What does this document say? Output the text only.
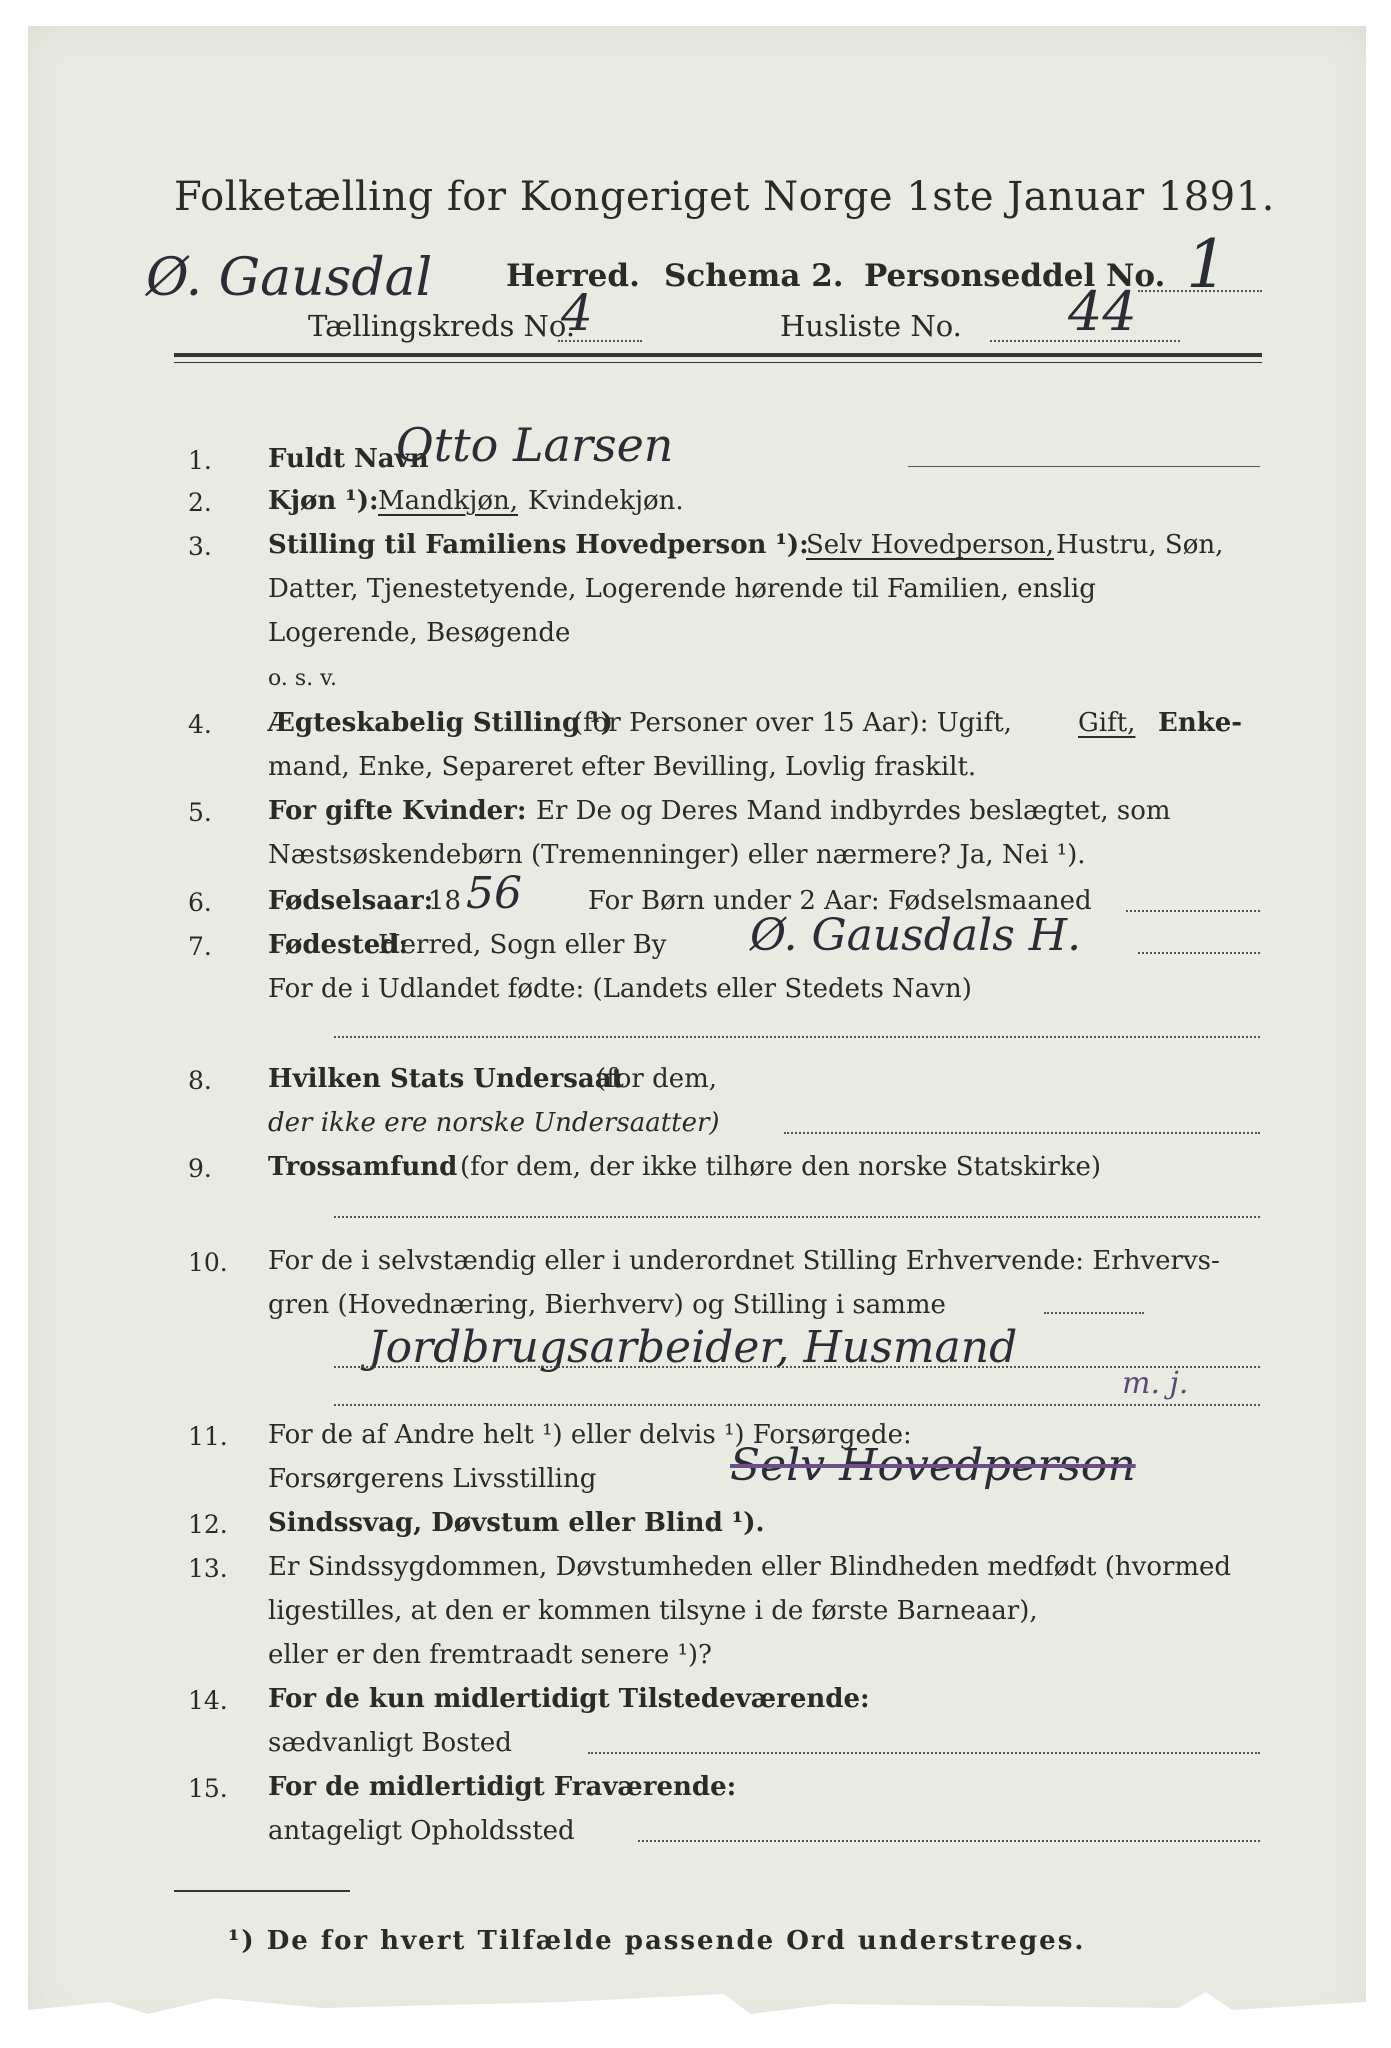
Folketælling for Kongeriget Norge 1ste Januar 1891.
Ø. Gausdal Herred. Schema 2. Personseddel No. 1
Tællingskreds No.
4	Husliste No. 44
1. Fuldt Navn
Otto Larsen
2. Kjøn ¹): Mandkjøn, Kvindekjøn.
3. Stilling til Familiens Hovedperson ¹):
Selv Hovedperson, Hustru, Søn,
Datter, Tjenestetyende, Logerende hørende til Familien, enslig
Logerende, Besøgende
o. s. v.
4. Ægteskabelig Stilling ¹)
(for Personer over 15 Aar): Ugift,	Gift, Enke-
mand, Enke, Separeret efter Bevilling, Lovlig fraskilt.
5. For gifte Kvinder: Er De og Deres Mand indbyrdes beslægtet, som
Næstsøskendebørn (Tremenninger) eller nærmere? Ja, Nei ¹).
6. Fødselsaar:
18 56	For Børn under 2 Aar: Fødselsmaaned
7. Fødested:
Herred, Sogn eller By Ø. Gausdals H.
For de i Udlandet fødte: (Landets eller Stedets Navn)
8. Hvilken Stats Undersaat
(for dem,
der ikke ere norske Undersaatter)
9. Trossamfund (for dem, der ikke tilhøre den norske Statskirke)
10. For de i selvstændig eller i underordnet Stilling Erhvervende: Erhvervs-
gren (Hovednæring, Bierhverv) og Stilling i samme
Jordbrugsarbeider, Husmand
m. j.
11. For de af Andre helt ¹) eller delvis ¹) Forsørgede:
Forsørgerens Livsstilling	Selv Hovedperson
12. Sindssvag, Døvstum eller Blind ¹).
13. Er Sindssygdommen, Døvstumheden eller Blindheden medfødt (hvormed
ligestilles, at den er kommen tilsyne i de første Barneaar),
eller er den fremtraadt senere ¹)?
14. For de kun midlertidigt Tilstedeværende:
sædvanligt Bosted
15. For de midlertidigt Fraværende:
antageligt Opholdssted
¹) De for hvert Tilfælde passende Ord understreges.
